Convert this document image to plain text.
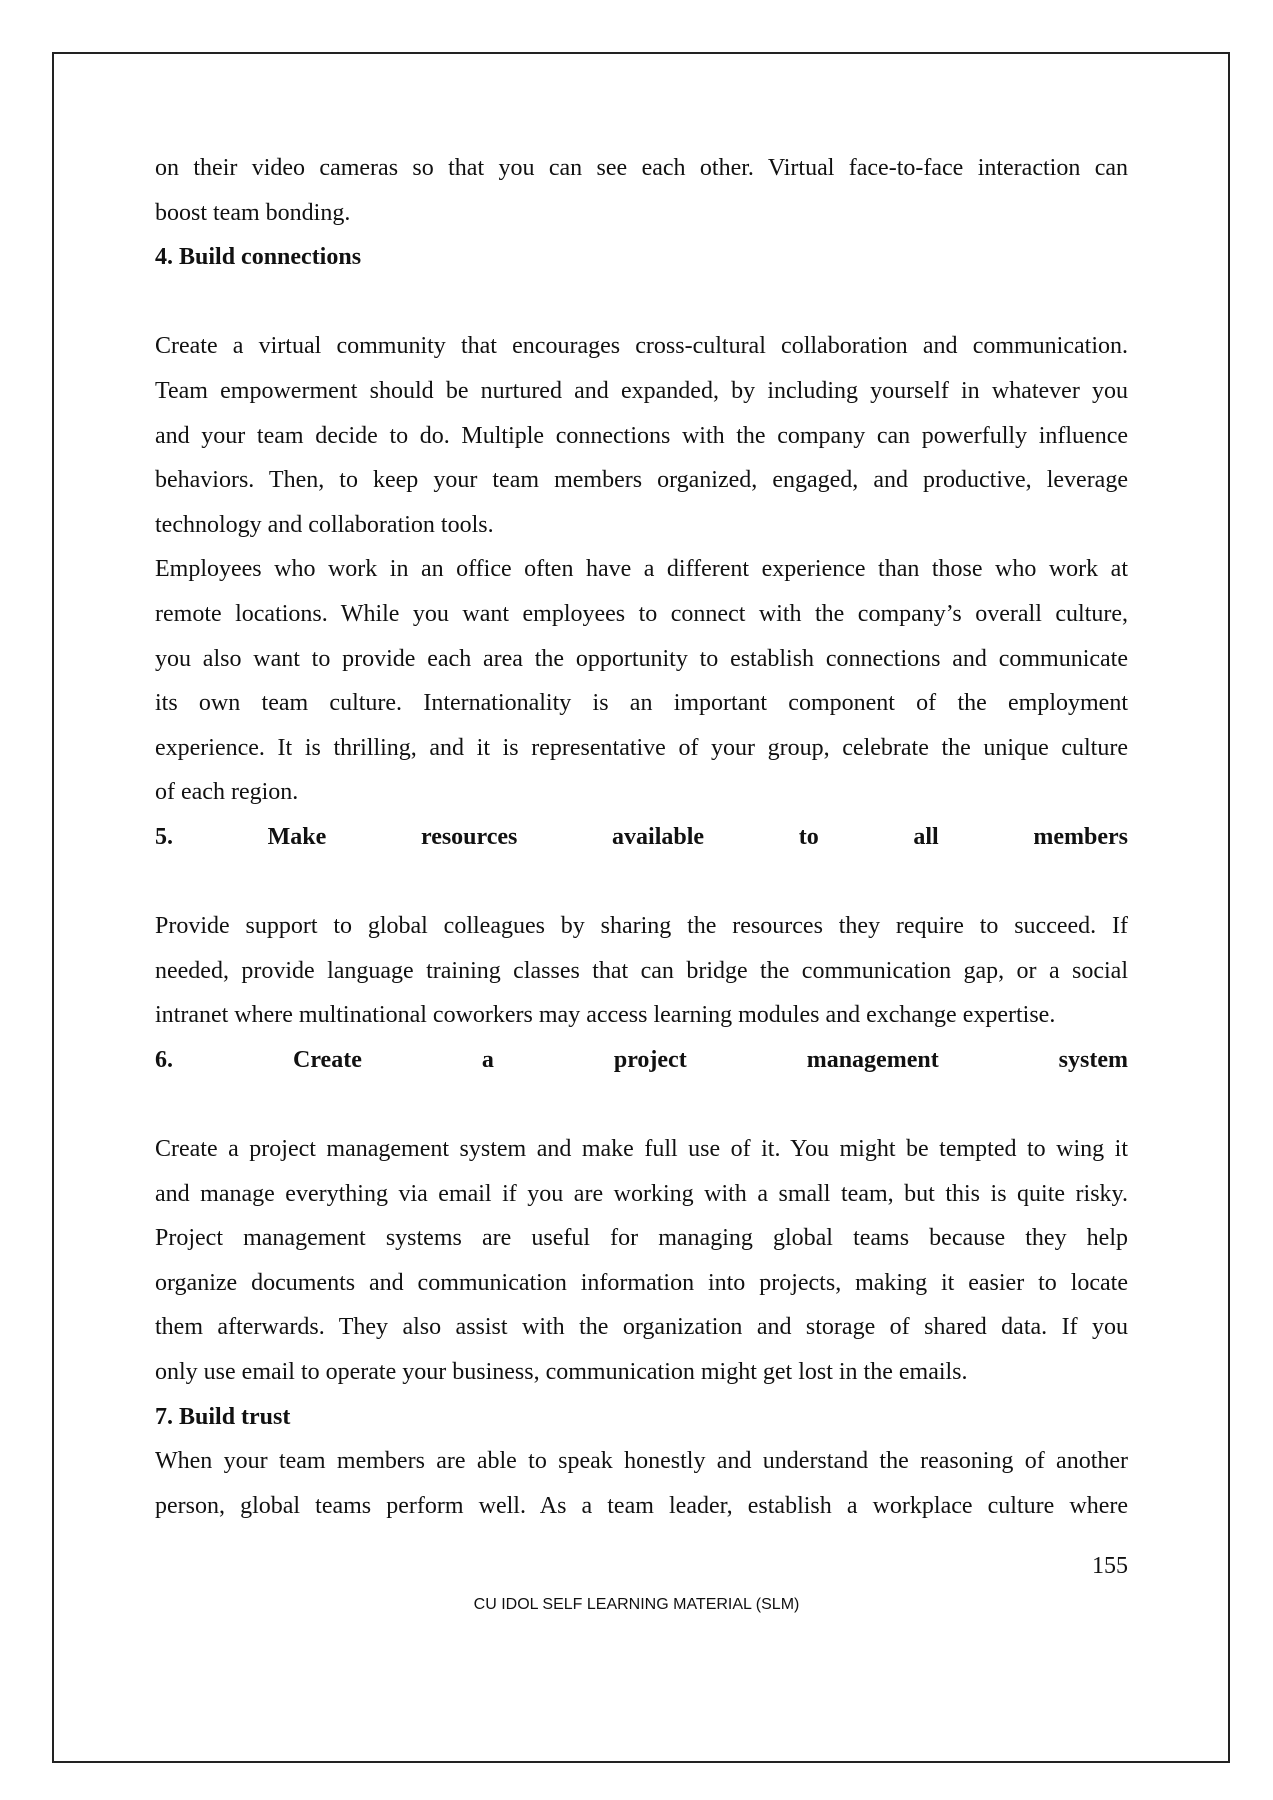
on their video cameras so that you can see each other. Virtual face-to-face interaction can
boost team bonding.
4. Build connections
Create a virtual community that encourages cross-cultural collaboration and communication.
Team empowerment should be nurtured and expanded, by including yourself in whatever you
and your team decide to do. Multiple connections with the company can powerfully influence
behaviors. Then, to keep your team members organized, engaged, and productive, leverage
technology and collaboration tools.
Employees who work in an office often have a different experience than those who work at
remote locations. While you want employees to connect with the company’s overall culture,
you also want to provide each area the opportunity to establish connections and communicate
its own team culture. Internationality is an important component of the employment
experience. It is thrilling, and it is representative of your group, celebrate the unique culture
of each region.
5. Make resources available to all members
Provide support to global colleagues by sharing the resources they require to succeed. If
needed, provide language training classes that can bridge the communication gap, or a social
intranet where multinational coworkers may access learning modules and exchange expertise.
6. Create a project management system
Create a project management system and make full use of it. You might be tempted to wing it
and manage everything via email if you are working with a small team, but this is quite risky.
Project management systems are useful for managing global teams because they help
organize documents and communication information into projects, making it easier to locate
them afterwards. They also assist with the organization and storage of shared data. If you
only use email to operate your business, communication might get lost in the emails.
7. Build trust
When your team members are able to speak honestly and understand the reasoning of another
person, global teams perform well. As a team leader, establish a workplace culture where
155
CU IDOL SELF LEARNING MATERIAL (SLM)
